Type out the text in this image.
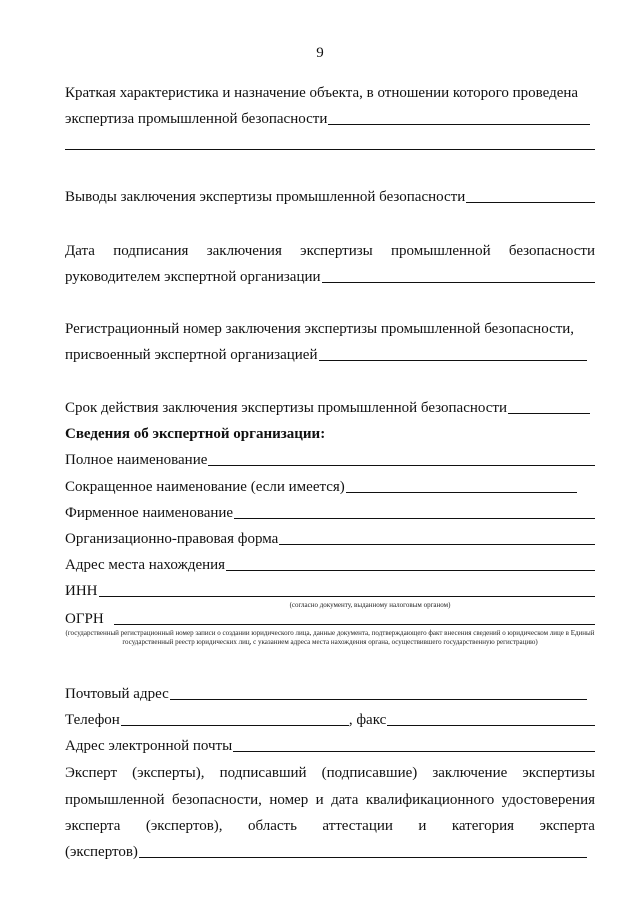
9
Краткая характеристика и назначение объекта, в отношении которого проведена
экспертиза промышленной безопасности
Выводы заключения экспертизы промышленной безопасности
Дата подписания заключения экспертизы промышленной безопасности
руководителем экспертной организации
Регистрационный номер заключения экспертизы промышленной безопасности,
присвоенный экспертной организацией
Срок действия заключения экспертизы промышленной безопасности
Сведения об экспертной организации:
Полное наименование
Сокращенное наименование (если имеется)
Фирменное наименование
Организационно-правовая форма
Адрес места нахождения
ИНН
(согласно документу, выданному налоговым органом)
ОГРН
(государственный регистрационный номер записи о создании юридического лица, данные документа, подтверждающего факт внесения сведений о юридическом лице в Единый государственный реестр юридических лиц, с указанием адреса места нахождения органа, осуществившего государственную регистрацию)
Почтовый адрес
Телефон	, факс
Адрес электронной почты
Эксперт (эксперты), подписавший (подписавшие) заключение экспертизы
промышленной безопасности, номер и дата квалификационного удостоверения
эксперта (экспертов), область аттестации и категория эксперта
(экспертов)
